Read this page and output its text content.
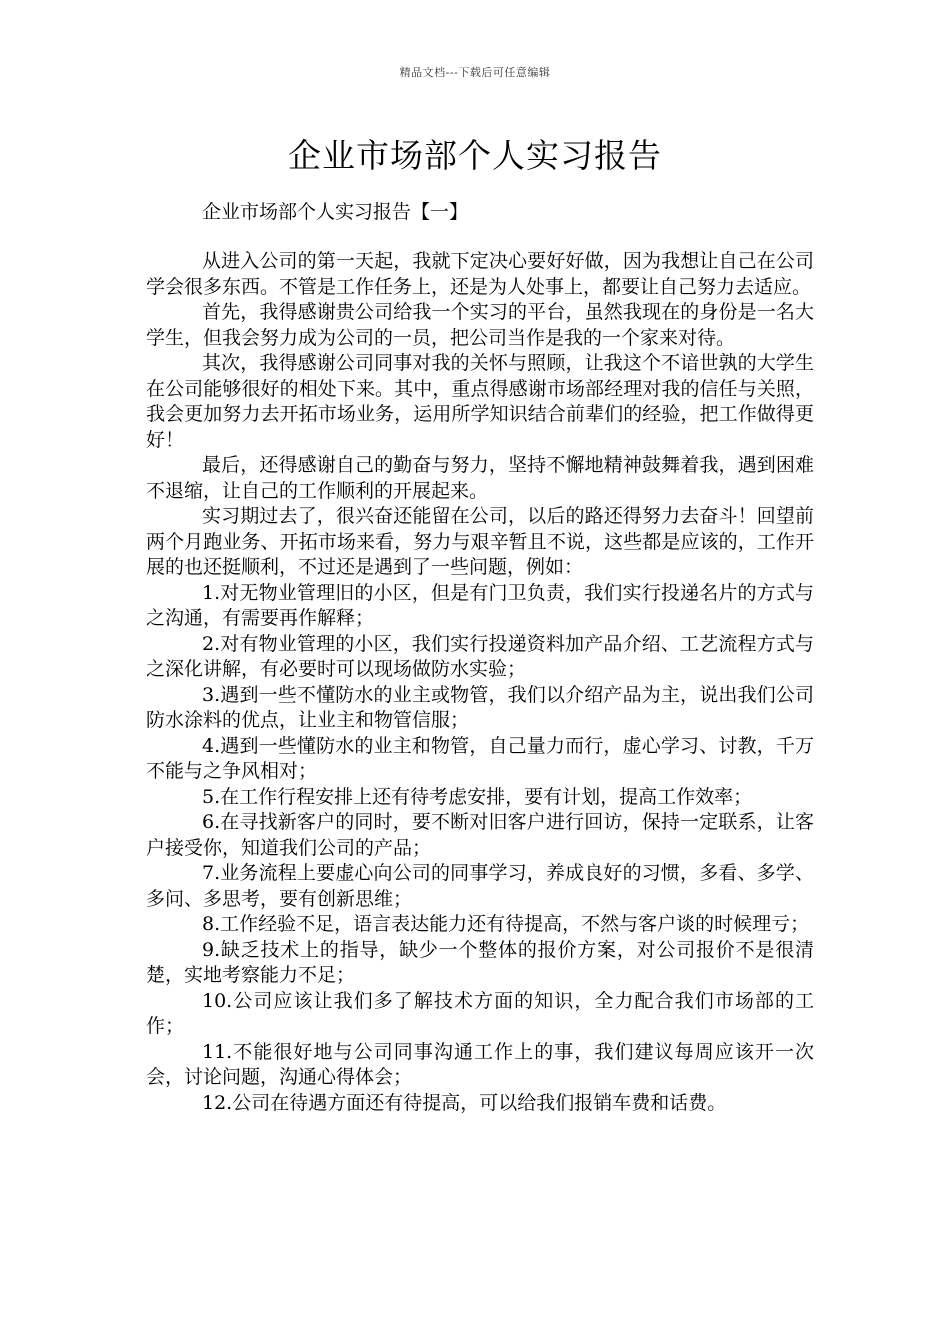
精品文档---下载后可任意编辑
企业市场部个人实习报告

企业市场部个人实习报告【一】

从进入公司的第一天起，我就下定决心要好好做，因为我想让自己在公司学会很多东西。不管是工作任务上，还是为人处事上，都要让自己努力去适应。

首先，我得感谢贵公司给我一个实习的平台，虽然我现在的身份是一名大学生，但我会努力成为公司的一员，把公司当作是我的一个家来对待。

其次，我得感谢公司同事对我的关怀与照顾，让我这个不谙世孰的大学生在公司能够很好的相处下来。其中，重点得感谢市场部经理对我的信任与关照，我会更加努力去开拓市场业务，运用所学知识结合前辈们的经验，把工作做得更好！

最后，还得感谢自己的勤奋与努力，坚持不懈地精神鼓舞着我，遇到困难不退缩，让自己的工作顺利的开展起来。

实习期过去了，很兴奋还能留在公司，以后的路还得努力去奋斗！回望前两个月跑业务、开拓市场来看，努力与艰辛暂且不说，这些都是应该的，工作开展的也还挺顺利，不过还是遇到了一些问题，例如：

1.对无物业管理旧的小区，但是有门卫负责，我们实行投递名片的方式与之沟通，有需要再作解释；

2.对有物业管理的小区，我们实行投递资料加产品介绍、工艺流程方式与之深化讲解，有必要时可以现场做防水实验；

3.遇到一些不懂防水的业主或物管，我们以介绍产品为主，说出我们公司防水涂料的优点，让业主和物管信服；

4.遇到一些懂防水的业主和物管，自己量力而行，虚心学习、讨教，千万不能与之争风相对；

5.在工作行程安排上还有待考虑安排，要有计划，提高工作效率；

6.在寻找新客户的同时，要不断对旧客户进行回访，保持一定联系，让客户接受你，知道我们公司的产品；

7.业务流程上要虚心向公司的同事学习，养成良好的习惯，多看、多学、多问、多思考，要有创新思维；

8.工作经验不足，语言表达能力还有待提高，不然与客户谈的时候理亏；

9.缺乏技术上的指导，缺少一个整体的报价方案，对公司报价不是很清楚，实地考察能力不足；

10.公司应该让我们多了解技术方面的知识，全力配合我们市场部的工作；

11.不能很好地与公司同事沟通工作上的事，我们建议每周应该开一次会，讨论问题，沟通心得体会；

12.公司在待遇方面还有待提高，可以给我们报销车费和话费。
